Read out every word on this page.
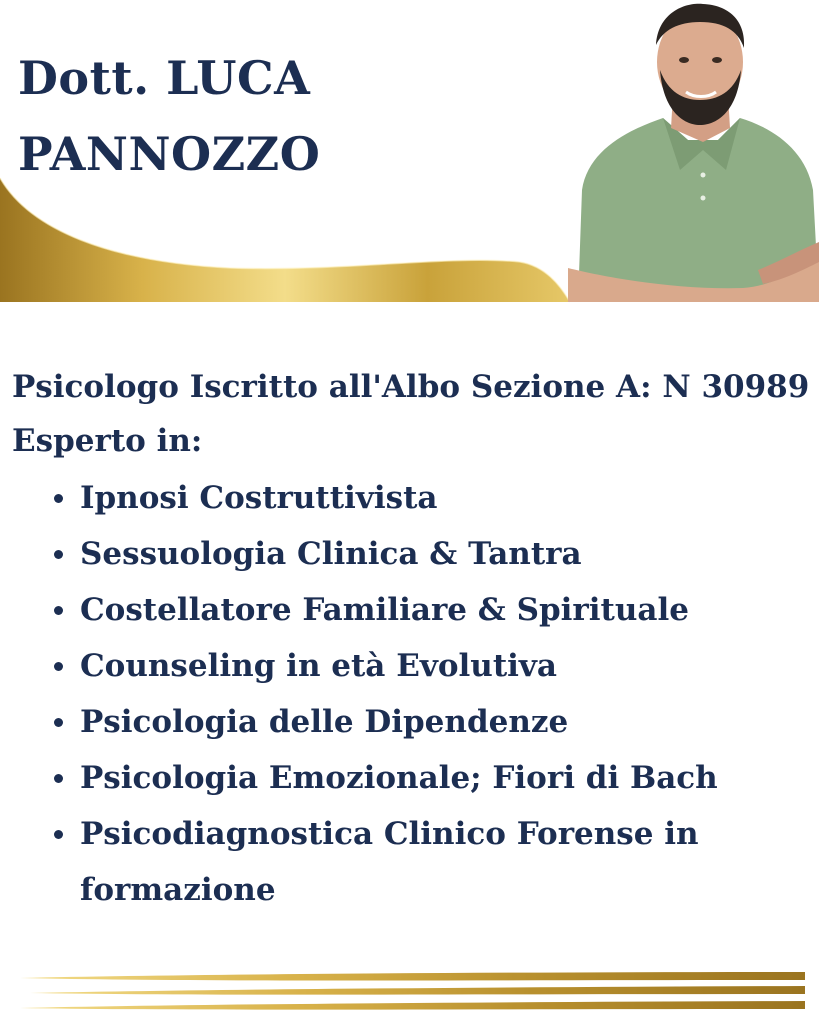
Dott. LUCA
PANNOZZO

Psicologo Iscritto all'Albo Sezione A: N 30989

Esperto in:

Ipnosi Costruttivista
Sessuologia Clinica & Tantra
Costellatore Familiare & Spirituale
Counseling in età Evolutiva
Psicologia delle Dipendenze
Psicologia Emozionale; Fiori di Bach
Psicodiagnostica Clinico Forense in formazione
